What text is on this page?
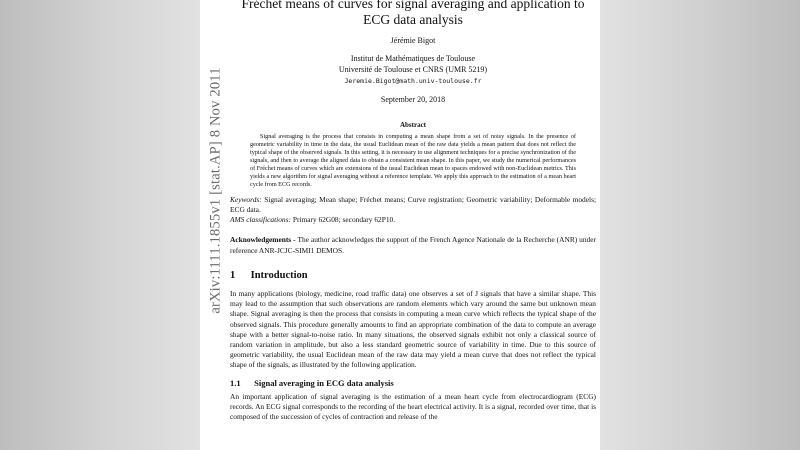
Fréchet means of curves for signal averaging and application to ECG data analysis
Jérémie Bigot
Institut de Mathématiques de Toulouse
Université de Toulouse et CNRS (UMR 5219)
Jeremie.Bigot@math.univ-toulouse.fr
September 20, 2018
Abstract
Signal averaging is the process that consists in computing a mean shape from a set of noisy signals. In the presence of geometric variability in time in the data, the usual Euclidean mean of the raw data yields a mean pattern that does not reflect the typical shape of the observed signals. In this setting, it is necessary to use alignment techniques for a precise synchronization of the signals, and then to average the aligned data to obtain a consistent mean shape. In this paper, we study the numerical performances of Fréchet means of curves which are extensions of the usual Euclidean mean to spaces endowed with non-Euclidean metrics. This yields a new algorithm for signal averaging without a reference template. We apply this approach to the estimation of a mean heart cycle from ECG records.
Keywords: Signal averaging; Mean shape; Fréchet means; Curve registration; Geometric variability; Deformable models; ECG data.
AMS classifications: Primary 62G08; secondary 62P10.
Acknowledgements - The author acknowledges the support of the French Agence Nationale de la Recherche (ANR) under reference ANR-JCJC-SIMI1 DEMOS.
1 Introduction
In many applications (biology, medicine, road traffic data) one observes a set of J signals that have a similar shape. This may lead to the assumption that such observations are random elements which vary around the same but unknown mean shape. Signal averaging is then the process that consists in computing a mean curve which reflects the typical shape of the observed signals. This procedure generally amounts to find an appropriate combination of the data to compute an average shape with a better signal-to-noise ratio. In many situations, the observed signals exhibit not only a classical source of random variation in amplitude, but also a less standard geometric source of variability in time. Due to this source of geometric variability, the usual Euclidean mean of the raw data may yield a mean curve that does not reflect the typical shape of the signals, as illustrated by the following application.
1.1 Signal averaging in ECG data analysis
An important application of signal averaging is the estimation of a mean heart cycle from electrocardiogram (ECG) records. An ECG signal corresponds to the recording of the heart electrical activity. It is a signal, recorded over time, that is composed of the succession of cycles of contraction and release of the
arXiv:1111.1855v1 [stat.AP] 8 Nov 2011
